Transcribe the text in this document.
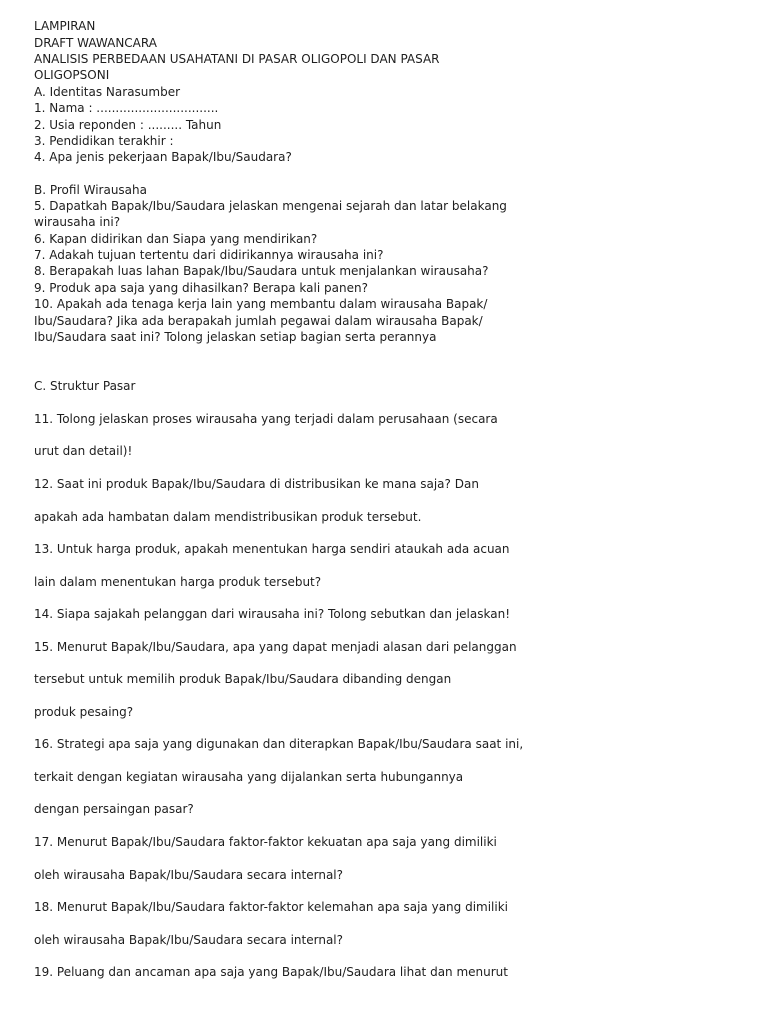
LAMPIRAN
DRAFT WAWANCARA
ANALISIS PERBEDAAN USAHATANI DI PASAR OLIGOPOLI DAN PASAR
OLIGOPSONI
A. Identitas Narasumber
1. Nama : ................................
2. Usia reponden : ......... Tahun
3. Pendidikan terakhir :
4. Apa jenis pekerjaan Bapak/Ibu/Saudara?
B. Profil Wirausaha
5. Dapatkah Bapak/Ibu/Saudara jelaskan mengenai sejarah dan latar belakang
wirausaha ini?
6. Kapan didirikan dan Siapa yang mendirikan?
7. Adakah tujuan tertentu dari didirikannya wirausaha ini?
8. Berapakah luas lahan Bapak/Ibu/Saudara untuk menjalankan wirausaha?
9. Produk apa saja yang dihasilkan? Berapa kali panen?
10. Apakah ada tenaga kerja lain yang membantu dalam wirausaha Bapak/
Ibu/Saudara? Jika ada berapakah jumlah pegawai dalam wirausaha Bapak/
Ibu/Saudara saat ini? Tolong jelaskan setiap bagian serta perannya
C. Struktur Pasar
11. Tolong jelaskan proses wirausaha yang terjadi dalam perusahaan (secara
urut dan detail)!
12. Saat ini produk Bapak/Ibu/Saudara di distribusikan ke mana saja? Dan
apakah ada hambatan dalam mendistribusikan produk tersebut.
13. Untuk harga produk, apakah menentukan harga sendiri ataukah ada acuan
lain dalam menentukan harga produk tersebut?
14. Siapa sajakah pelanggan dari wirausaha ini? Tolong sebutkan dan jelaskan!
15. Menurut Bapak/Ibu/Saudara, apa yang dapat menjadi alasan dari pelanggan
tersebut untuk memilih produk Bapak/Ibu/Saudara dibanding dengan
produk pesaing?
16. Strategi apa saja yang digunakan dan diterapkan Bapak/Ibu/Saudara saat ini,
terkait dengan kegiatan wirausaha yang dijalankan serta hubungannya
dengan persaingan pasar?
17. Menurut Bapak/Ibu/Saudara faktor-faktor kekuatan apa saja yang dimiliki
oleh wirausaha Bapak/Ibu/Saudara secara internal?
18. Menurut Bapak/Ibu/Saudara faktor-faktor kelemahan apa saja yang dimiliki
oleh wirausaha Bapak/Ibu/Saudara secara internal?
19. Peluang dan ancaman apa saja yang Bapak/Ibu/Saudara lihat dan menurut
